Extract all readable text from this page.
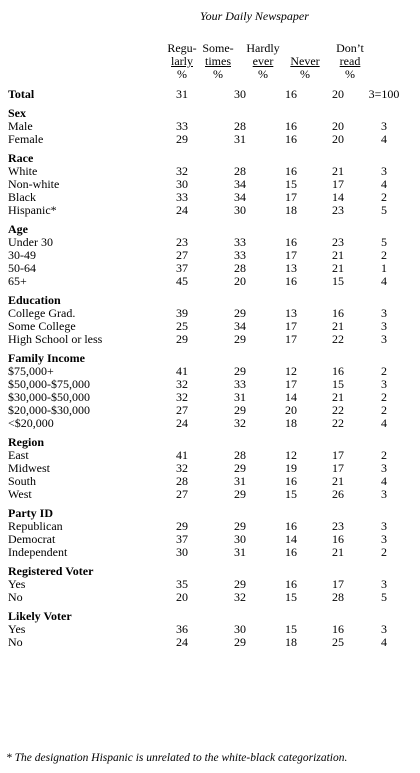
Your Daily Newspaper
Regu-
larly
%
Some-
times
%
Hardly
ever
%

Never
%
Don’t
read
%
Total	31	30	16	20	3=100
Sex					
Male	33	28	16	20	3
Female	29	31	16	20	4
Race					
White	32	28	16	21	3
Non-white	30	34	15	17	4
Black	33	34	17	14	2
Hispanic*	24	30	18	23	5
Age					
Under 30	23	33	16	23	5
30-49	27	33	17	21	2
50-64	37	28	13	21	1
65+	45	20	16	15	4
Education					
College Grad.	39	29	13	16	3
Some College	25	34	17	21	3
High School or less	29	29	17	22	3
Family Income					
$75,000+	41	29	12	16	2
$50,000-$75,000	32	33	17	15	3
$30,000-$50,000	32	31	14	21	2
$20,000-$30,000	27	29	20	22	2
<$20,000	24	32	18	22	4
Region					
East	41	28	12	17	2
Midwest	32	29	19	17	3
South	28	31	16	21	4
West	27	29	15	26	3
Party ID					
Republican	29	29	16	23	3
Democrat	37	30	14	16	3
Independent	30	31	16	21	2
Registered Voter					
Yes	35	29	16	17	3
No	20	32	15	28	5
Likely Voter					
Yes	36	30	15	16	3
No	24	29	18	25	4
* The designation Hispanic is unrelated to the white-black categorization.
